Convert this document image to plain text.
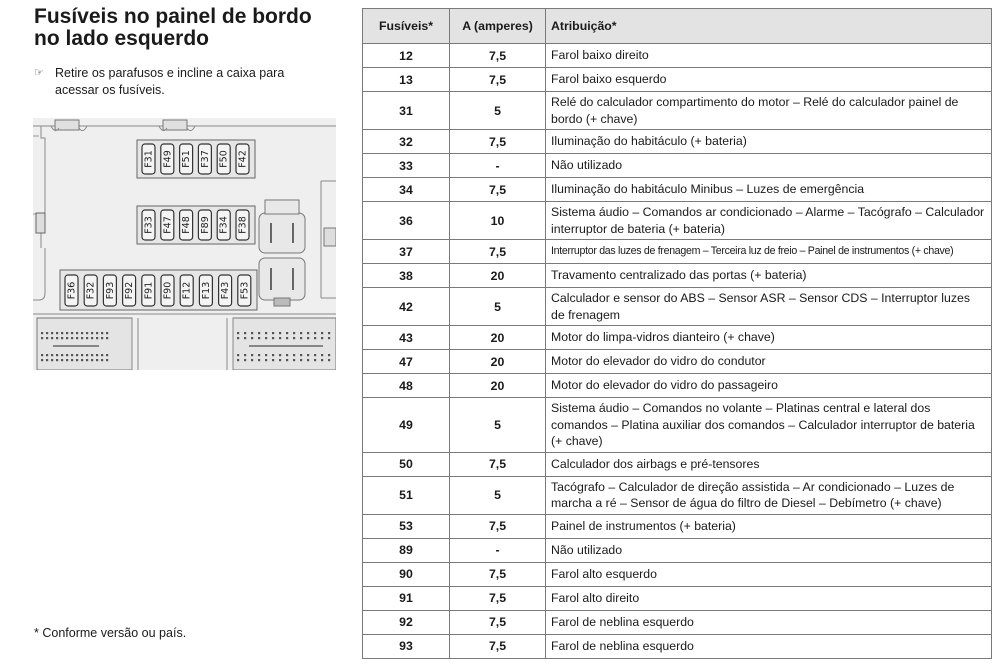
Fusíveis no painel de bordo
no lado esquerdo
☞ Retire os parafusos e incline a caixa para acessar os fusíveis.
F31 F49 F51 F37 F50 F42
F33 F47 F48 F89 F34 F38
F36 F32 F93 F92 F91 F90 F12 F13 F43 F53
* Conforme versão ou país.
Fusíveis*	A (amperes)	Atribuição*
12	7,5	Farol baixo direito
13	7,5	Farol baixo esquerdo
31	5	Relé do calculador compartimento do motor – Relé do calculador painel de bordo (+ chave)
32	7,5	Iluminação do habitáculo (+ bateria)
33	-	Não utilizado
34	7,5	Iluminação do habitáculo Minibus – Luzes de emergência
36	10	Sistema áudio – Comandos ar condicionado – Alarme – Tacógrafo – Calculador interruptor de bateria (+ bateria)
37	7,5	Interruptor das luzes de frenagem – Terceira luz de freio – Painel de instrumentos (+ chave)
38	20	Travamento centralizado das portas (+ bateria)
42	5	Calculador e sensor do ABS – Sensor ASR – Sensor CDS – Interruptor luzes de frenagem
43	20	Motor do limpa-vidros dianteiro (+ chave)
47	20	Motor do elevador do vidro do condutor
48	20	Motor do elevador do vidro do passageiro
49	5	Sistema áudio – Comandos no volante – Platinas central e lateral dos comandos – Platina auxiliar dos comandos – Calculador interruptor de bateria (+ chave)
50	7,5	Calculador dos airbags e pré-tensores
51	5	Tacógrafo – Calculador de direção assistida – Ar condicionado – Luzes de marcha a ré – Sensor de água do filtro de Diesel – Debímetro (+ chave)
53	7,5	Painel de instrumentos (+ bateria)
89	-	Não utilizado
90	7,5	Farol alto esquerdo
91	7,5	Farol alto direito
92	7,5	Farol de neblina esquerdo
93	7,5	Farol de neblina esquerdo
